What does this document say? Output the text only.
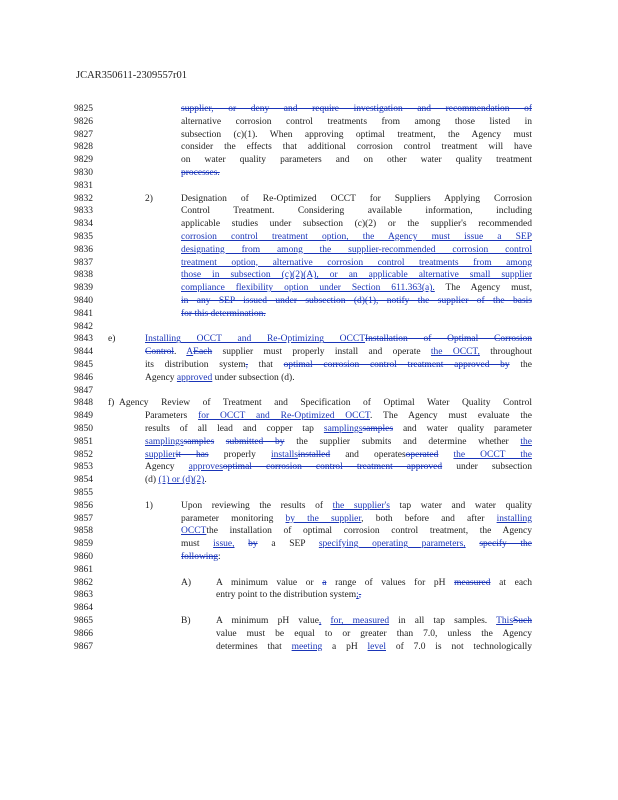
JCAR350611-2309557r01
9825	supplier, or deny and require investigation and recommendation of
9826	alternative corrosion control treatments from among those listed in
9827	subsection (c)(1). When approving optimal treatment, the Agency must
9828	consider the effects that additional corrosion control treatment will have
9829	on water quality parameters and on other water quality treatment
9830	processes.
9831
9832	2)	Designation of Re-Optimized OCCT for Suppliers Applying Corrosion
9833	Control Treatment. Considering available information, including
9834	applicable studies under subsection (c)(2) or the supplier's recommended
9835	corrosion control treatment option, the Agency must issue a SEP
9836	designating from among the supplier-recommended corrosion control
9837	treatment option, alternative corrosion control treatments from among
9838	those in subsection (c)(2)(A), or an applicable alternative small supplier
9839	compliance flexibility option under Section 611.363(a). The Agency must,
9840	in any SEP issued under subsection (d)(1), notify the supplier of the basis
9841	for this determination.
9842
9843	e)	Installing OCCT and Re-Optimizing OCCTInstallation of Optimal Corrosion
9844	Control. AEach supplier must properly install and operate the OCCT, throughout
9845	its distribution system, that optimal corrosion control treatment approved by the
9846	Agency approved under subsection (d).
9847
9848	f) Agency Review of Treatment and Specification of Optimal Water Quality Control
9849	Parameters for OCCT and Re-Optimized OCCT. The Agency must evaluate the
9850	results of all lead and copper tap samplingssamples and water quality parameter
9851	samplingssamples submitted by the supplier submits and determine whether the
9852	supplierit has properly installsinstalled and operatesoperated the OCCT the
9853	Agency approvesoptimal corrosion control treatment approved under subsection
9854	(d) (1) or (d)(2).
9855
9856	1)	Upon reviewing the results of the supplier's tap water and water quality
9857	parameter monitoring by the supplier, both before and after installing
9858	OCCTthe installation of optimal corrosion control treatment, the Agency
9859	must issue, by a SEP specifying operating parameters, specify the
9860	following:
9861
9862	A)	A minimum value or a range of values for pH measured at each
9863	entry point to the distribution system;,
9864
9865	B)	A minimum pH value, for, measured in all tap samples. ThisSuch
9866	value must be equal to or greater than 7.0, unless the Agency
9867	determines that meeting a pH level of 7.0 is not technologically
